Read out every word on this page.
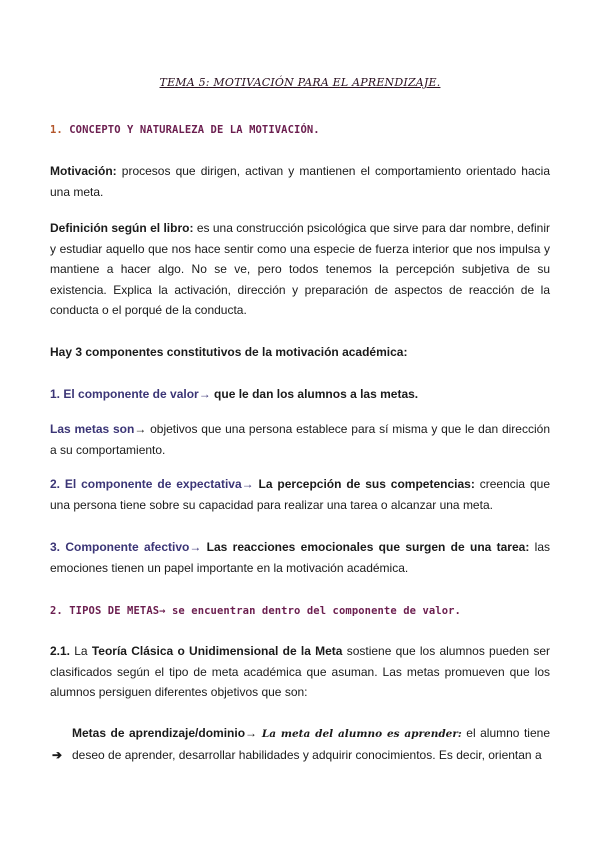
TEMA 5: MOTIVACIÓN PARA EL APRENDIZAJE.
1. CONCEPTO Y NATURALEZA DE LA MOTIVACIÓN.
Motivación: procesos que dirigen, activan y mantienen el comportamiento orientado hacia una meta.
Definición según el libro: es una construcción psicológica que sirve para dar nombre, definir y estudiar aquello que nos hace sentir como una especie de fuerza interior que nos impulsa y mantiene a hacer algo. No se ve, pero todos tenemos la percepción subjetiva de su existencia. Explica la activación, dirección y preparación de aspectos de reacción de la conducta o el porqué de la conducta.
Hay 3 componentes constitutivos de la motivación académica:
1. El componente de valor→ que le dan los alumnos a las metas.
Las metas son→ objetivos que una persona establece para sí misma y que le dan dirección a su comportamiento.
2. El componente de expectativa→ La percepción de sus competencias: creencia que una persona tiene sobre su capacidad para realizar una tarea o alcanzar una meta.
3. Componente afectivo→ Las reacciones emocionales que surgen de una tarea: las emociones tienen un papel importante en la motivación académica.
2. TIPOS DE METAS→ se encuentran dentro del componente de valor.
2.1. La Teoría Clásica o Unidimensional de la Meta sostiene que los alumnos pueden ser clasificados según el tipo de meta académica que asuman. Las metas promueven que los alumnos persiguen diferentes objetivos que son:
➔
Metas de aprendizaje/dominio→ La meta del alumno es aprender: el alumno tiene deseo de aprender, desarrollar habilidades y adquirir conocimientos. Es decir, orientan a
